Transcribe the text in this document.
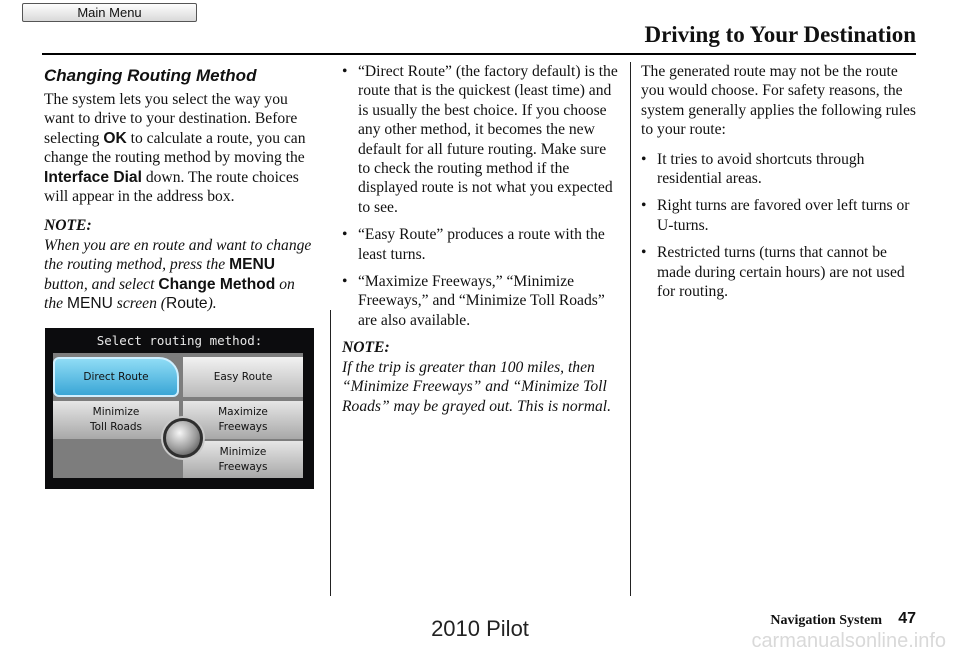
Main Menu
Driving to Your Destination
Changing Routing Method

The system lets you select the way you want to drive to your destination. Before selecting OK to calculate a route, you can change the routing method by moving the Interface Dial down. The route choices will appear in the address box.

NOTE:
When you are en route and want to change the routing method, press the MENU button, and select Change Method on the MENU screen (Route).
Select routing method:
Direct Route	Easy Route
Minimize
Toll Roads
Maximize
Freeways
Minimize
Freeways
• “Direct Route” (the factory default) is the route that is the quickest (least time) and is usually the best choice. If you choose any other method, it becomes the new default for all future routing. Make sure to check the routing method if the displayed route is not what you expected to see.
• “Easy Route” produces a route with the least turns.
• “Maximize Freeways,” “Minimize Freeways,” and “Minimize Toll Roads” are also available.
NOTE:
If the trip is greater than 100 miles, then “Minimize Freeways” and “Minimize Toll Roads” may be grayed out. This is normal.

The generated route may not be the route you would choose. For safety reasons, the system generally applies the following rules to your route:

• It tries to avoid shortcuts through residential areas.
• Right turns are favored over left turns or U-turns.
• Restricted turns (turns that cannot be made during certain hours) are not used for routing.
Navigation System 47
2010 Pilot	carmanualsonline.info
